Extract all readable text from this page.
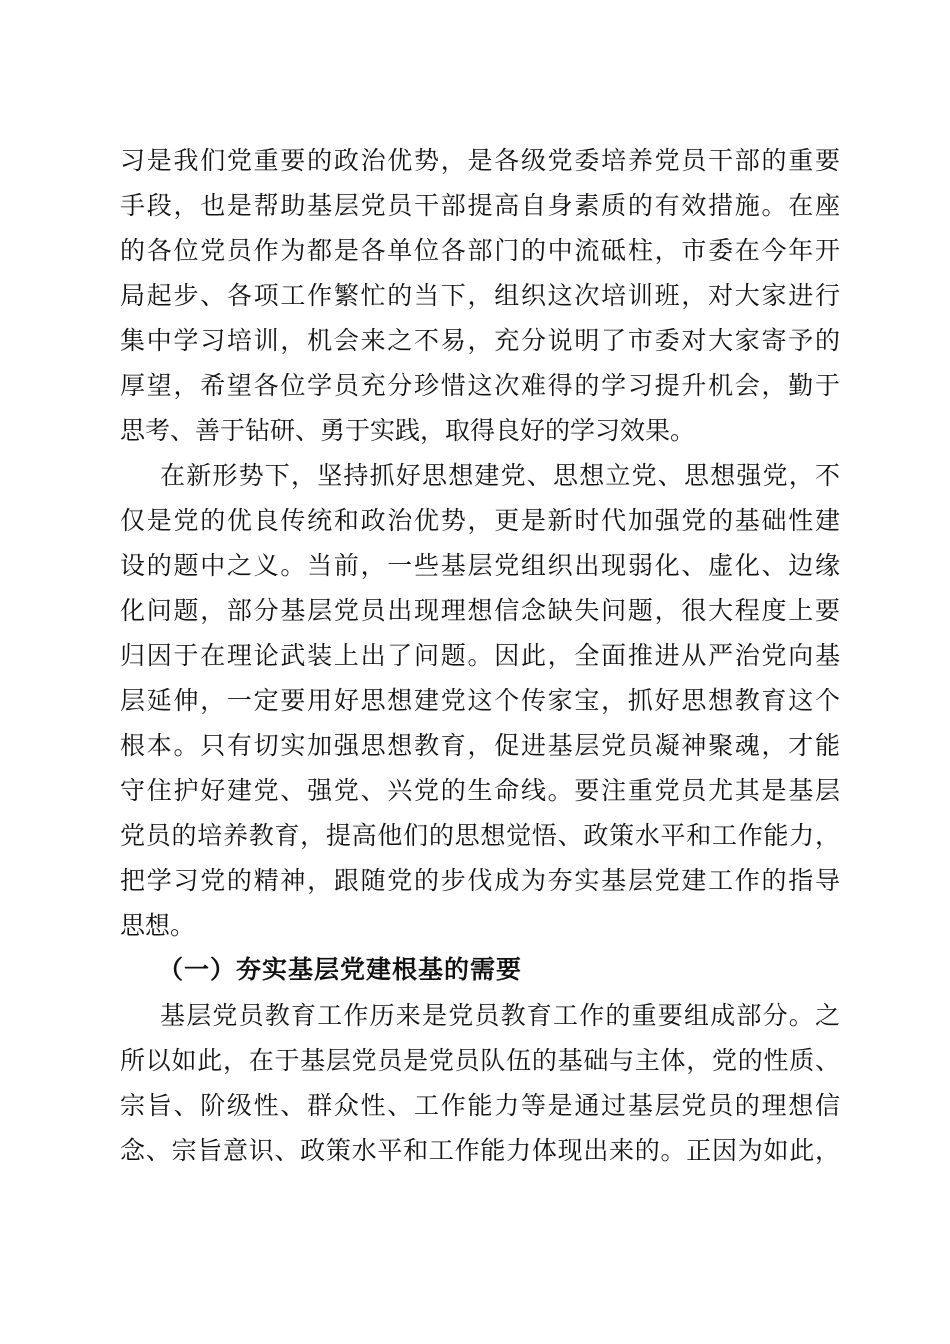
习是我们党重要的政治优势，是各级党委培养党员干部的重要
手段，也是帮助基层党员干部提高自身素质的有效措施。在座
的各位党员作为都是各单位各部门的中流砥柱，市委在今年开
局起步、各项工作繁忙的当下，组织这次培训班，对大家进行
集中学习培训，机会来之不易，充分说明了市委对大家寄予的
厚望，希望各位学员充分珍惜这次难得的学习提升机会，勤于
思考、善于钻研、勇于实践，取得良好的学习效果。
在新形势下，坚持抓好思想建党、思想立党、思想强党，不
仅是党的优良传统和政治优势，更是新时代加强党的基础性建
设的题中之义。当前，一些基层党组织出现弱化、虚化、边缘
化问题，部分基层党员出现理想信念缺失问题，很大程度上要
归因于在理论武装上出了问题。因此，全面推进从严治党向基
层延伸，一定要用好思想建党这个传家宝，抓好思想教育这个
根本。只有切实加强思想教育，促进基层党员凝神聚魂，才能
守住护好建党、强党、兴党的生命线。要注重党员尤其是基层
党员的培养教育，提高他们的思想觉悟、政策水平和工作能力，
把学习党的精神，跟随党的步伐成为夯实基层党建工作的指导
思想。
（一）夯实基层党建根基的需要
基层党员教育工作历来是党员教育工作的重要组成部分。之
所以如此，在于基层党员是党员队伍的基础与主体，党的性质、
宗旨、阶级性、群众性、工作能力等是通过基层党员的理想信
念、宗旨意识、政策水平和工作能力体现出来的。正因为如此，
